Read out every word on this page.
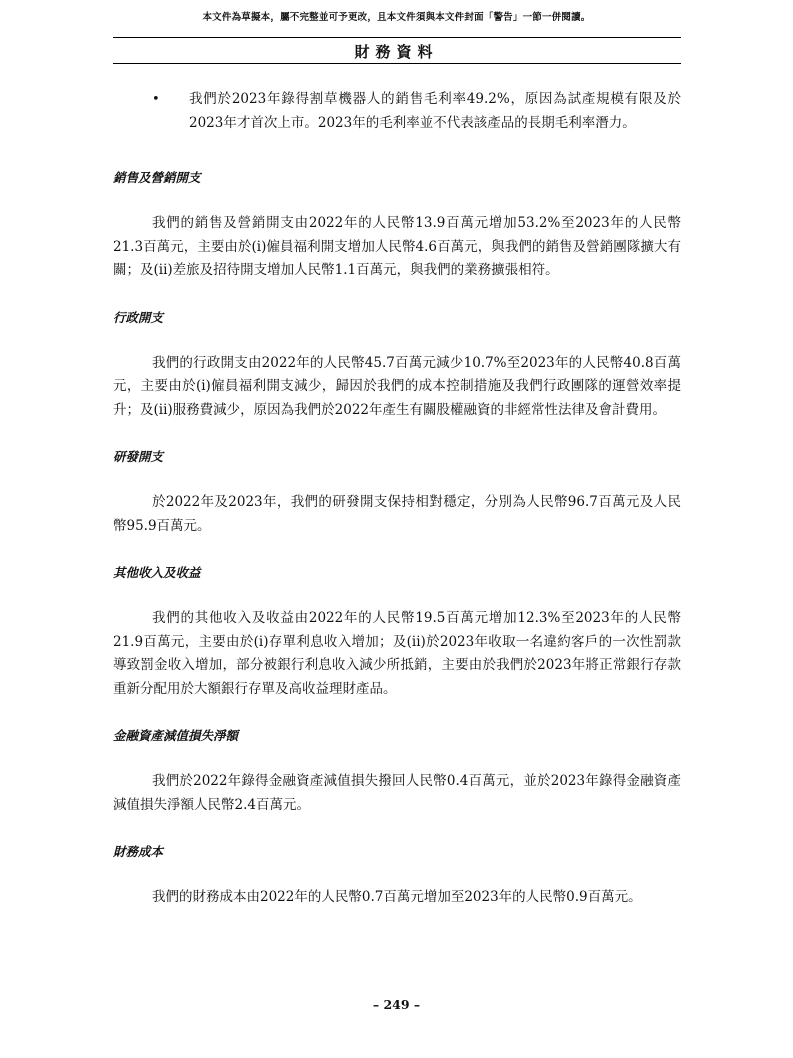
本文件為草擬本，屬不完整並可予更改，且本文件須與本文件封面「警告」一節一併閱讀。
財務資料
•	我們於2023年錄得割草機器人的銷售毛利率49.2%，原因為試產規模有限及於2023年才首次上市。2023年的毛利率並不代表該產品的長期毛利率潛力。
銷售及營銷開支

我們的銷售及營銷開支由2022年的人民幣13.9百萬元增加53.2%至2023年的人民幣21.3百萬元，主要由於(i)僱員福利開支增加人民幣4.6百萬元，與我們的銷售及營銷團隊擴大有關；及(ii)差旅及招待開支增加人民幣1.1百萬元，與我們的業務擴張相符。

行政開支

我們的行政開支由2022年的人民幣45.7百萬元減少10.7%至2023年的人民幣40.8百萬元，主要由於(i)僱員福利開支減少，歸因於我們的成本控制措施及我們行政團隊的運營效率提升；及(ii)服務費減少，原因為我們於2022年產生有關股權融資的非經常性法律及會計費用。

研發開支

於2022年及2023年，我們的研發開支保持相對穩定，分別為人民幣96.7百萬元及人民幣95.9百萬元。

其他收入及收益

我們的其他收入及收益由2022年的人民幣19.5百萬元增加12.3%至2023年的人民幣21.9百萬元，主要由於(i)存單利息收入增加；及(ii)於2023年收取一名違約客戶的一次性罰款導致罰金收入增加，部分被銀行利息收入減少所抵銷，主要由於我們於2023年將正常銀行存款重新分配用於大額銀行存單及高收益理財產品。

金融資產減值損失淨額

我們於2022年錄得金融資產減值損失撥回人民幣0.4百萬元，並於2023年錄得金融資產減值損失淨額人民幣2.4百萬元。

財務成本

我們的財務成本由2022年的人民幣0.7百萬元增加至2023年的人民幣0.9百萬元。

– 249 –
